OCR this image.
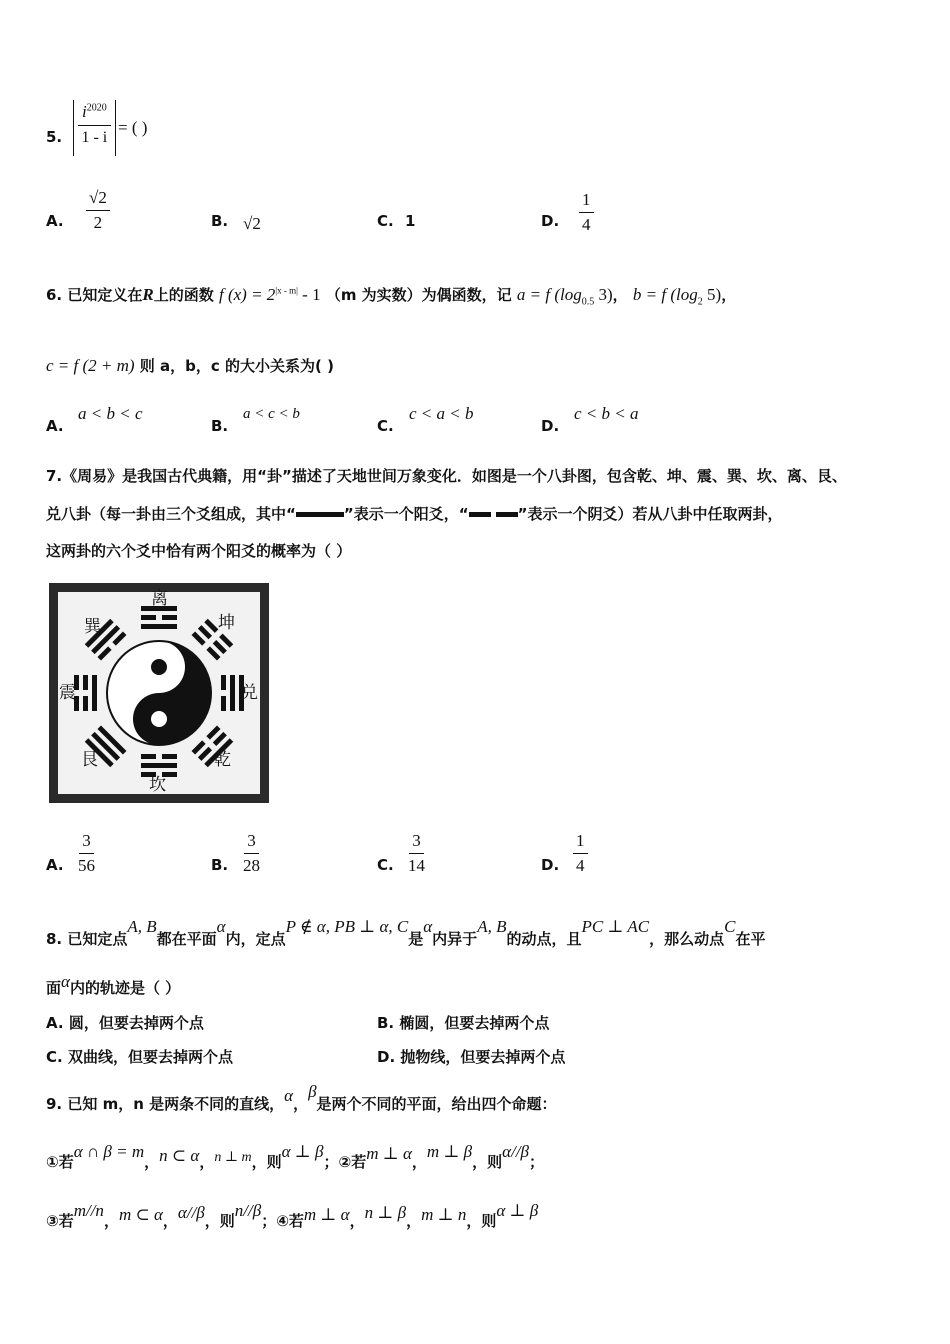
5.
$i^{2020}$
1 - i
= ( )
A. $\frac{√2}{2}$	B. √2	C. 1	D. $\frac{1}{4}$
6. 已知定义在R上的函数 f $(x) = 2^{|x - m|} - 1$ （m 为实数）为偶函数，记 a = f ($\log_{0.5}$ 3)， b = f ($\log_2$ 5)，
c = f (2 + m) 则 a，b，c 的大小关系为( )
A.
a < b < c
B.
a < c < b
C.
c < a < b
D.
c < b < a
7.《周易》是我国古代典籍，用“卦”描述了天地世间万象变化．如图是一个八卦图，包含乾、坤、震、巽、坎、离、艮、
兑八卦（每一卦由三个爻组成，其中“	”表示一个阳爻，“	”表示一个阴爻）若从八卦中任取两卦，
这两卦的六个爻中恰有两个阳爻的概率为（ ）
离
巽	坤
震	兑
艮	乾
坎
A. $\frac{3}{56}$	B. $\frac{3}{28}$	C. $\frac{3}{14}$	D. $\frac{1}{4}$
8. 已知定点A, B都在平面α内，定点P ∉ α, PB ⊥ α, C是α内异于A, B的动点，且PC ⊥ AC，那么动点C在平
面α内的轨迹是（ ）
A. 圆，但要去掉两个点	B. 椭圆，但要去掉两个点
C. 双曲线，但要去掉两个点	D. 抛物线，但要去掉两个点
9. 已知 m，n 是两条不同的直线，α，β是两个不同的平面，给出四个命题：
①若α ∩ β = m，n ⊂ α，n ⊥ m，则α ⊥ β；②若m ⊥ α，m ⊥ β，则α//β；
③若m//n，m ⊂ α，α//β，则n//β；④若m ⊥ α，n ⊥ β，m ⊥ n，则α ⊥ β
